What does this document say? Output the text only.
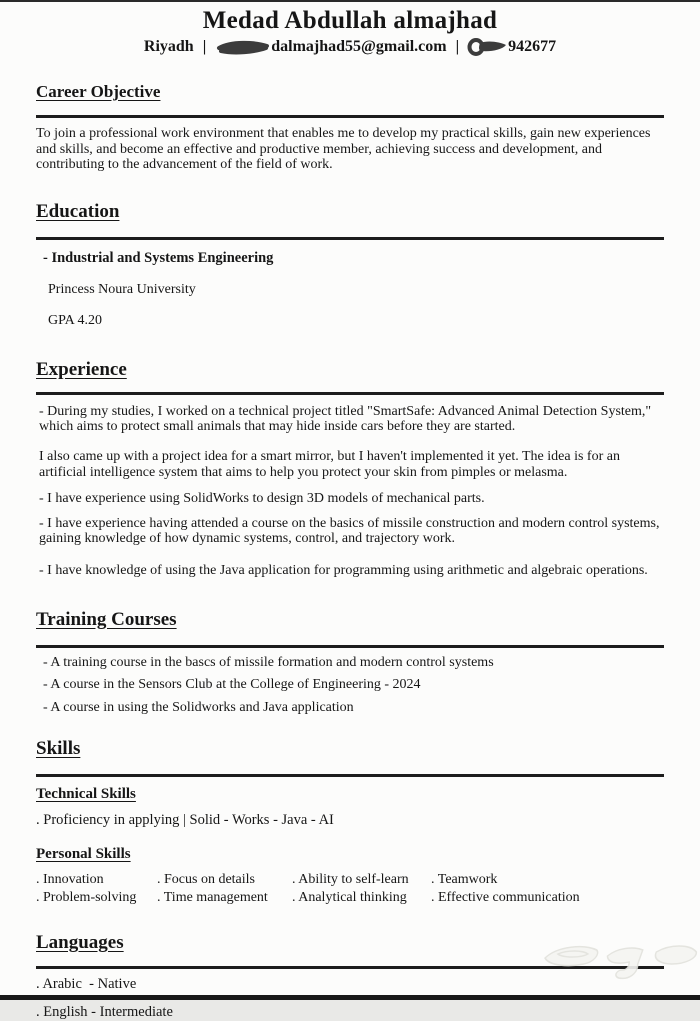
Medad Abdullah almajhad
Riyadh |	dalmajhad55@gmail.com |	942677
Career Objective

To join a professional work environment that enables me to develop my practical skills, gain new experiences and skills, and become an effective and productive member, achieving success and development, and contributing to the advancement of the field of work.

Education
- Industrial and Systems Engineering
Princess Noura University
GPA 4.20
Experience

- During my studies, I worked on a technical project titled "SmartSafe: Advanced Animal Detection System," which aims to protect small animals that may hide inside cars before they are started.

I also came up with a project idea for a smart mirror, but I haven't implemented it yet. The idea is for an artificial intelligence system that aims to help you protect your skin from pimples or melasma.

- I have experience using SolidWorks to design 3D models of mechanical parts.

- I have experience having attended a course on the basics of missile construction and modern control systems, gaining knowledge of how dynamic systems, control, and trajectory work.

- I have knowledge of using the Java application for programming using arithmetic and algebraic operations.

Training Courses
- A training course in the bascs of missile formation and modern control systems
- A course in the Sensors Club at the College of Engineering - 2024
- A course in using the Solidworks and Java application
Skills
Technical Skills
. Proficiency in applying | Solid - Works - Java - AI
Personal Skills
. Innovation	. Focus on details	. Ability to self-learn	. Teamwork
. Problem-solving	. Time management	. Analytical thinking	. Effective communication
Languages
. Arabic  - Native
. English - Intermediate
